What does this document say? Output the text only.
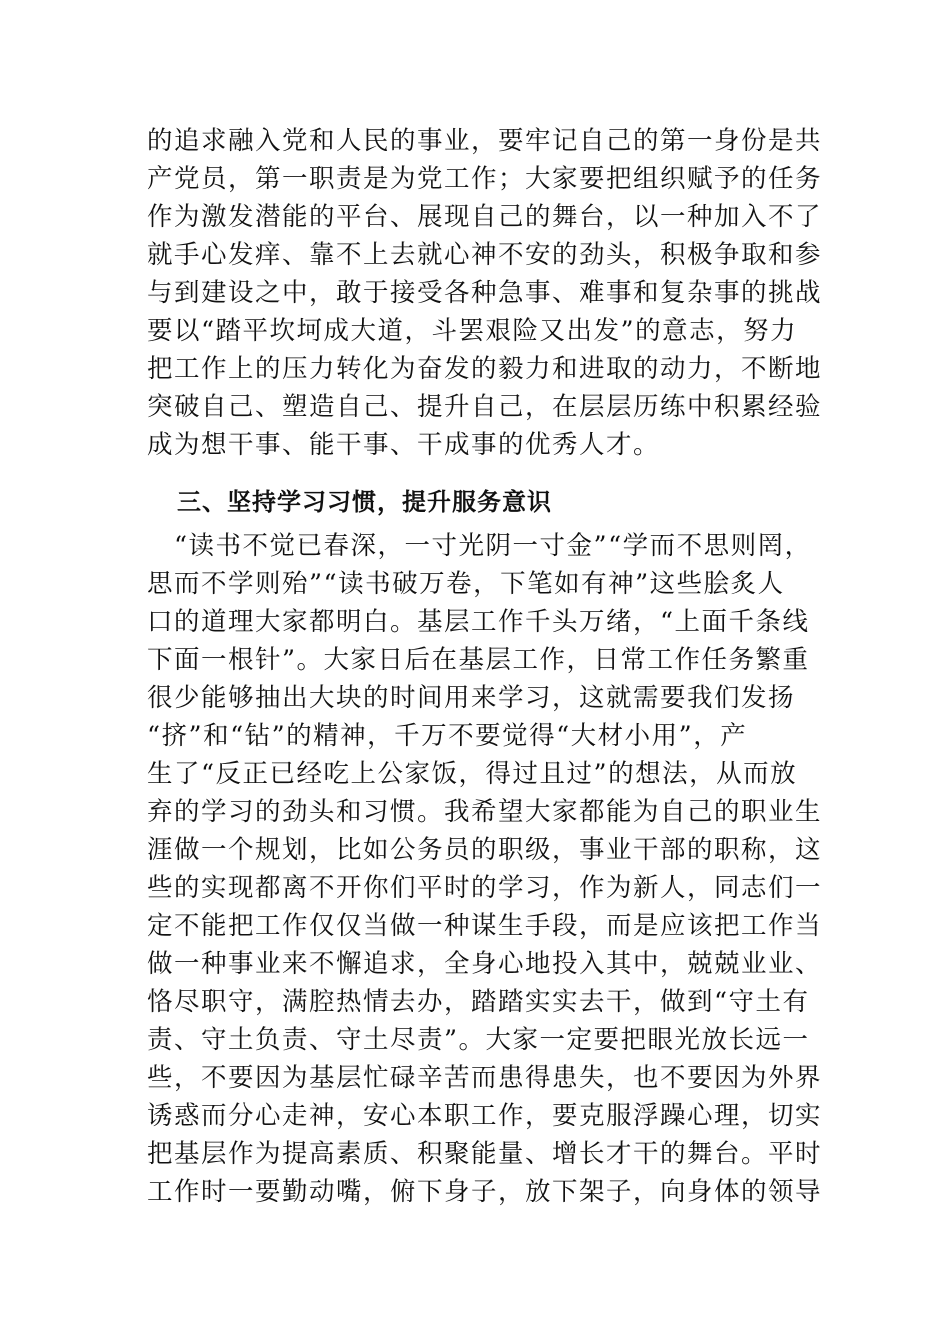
的追求融入党和人民的事业，要牢记自己的第一身份是共
产党员，第一职责是为党工作；大家要把组织赋予的任务
作为激发潜能的平台、展现自己的舞台，以一种加入不了
就手心发痒、靠不上去就心神不安的劲头，积极争取和参
与到建设之中，敢于接受各种急事、难事和复杂事的挑战
要以“踏平坎坷成大道，斗罢艰险又出发”的意志，努力
把工作上的压力转化为奋发的毅力和进取的动力，不断地
突破自己、塑造自己、提升自己，在层层历练中积累经验
成为想干事、能干事、干成事的优秀人才。
三、坚持学习习惯，提升服务意识
　“读书不觉已春深，一寸光阴一寸金”“学而不思则罔，
思而不学则殆”“读书破万卷，下笔如有神”这些脍炙人
口的道理大家都明白。基层工作千头万绪，“上面千条线
下面一根针”。大家日后在基层工作，日常工作任务繁重
很少能够抽出大块的时间用来学习，这就需要我们发扬
“挤”和“钻”的精神，千万不要觉得“大材小用”，产
生了“反正已经吃上公家饭，得过且过”的想法，从而放
弃的学习的劲头和习惯。我希望大家都能为自己的职业生
涯做一个规划，比如公务员的职级，事业干部的职称，这
些的实现都离不开你们平时的学习，作为新人，同志们一
定不能把工作仅仅当做一种谋生手段，而是应该把工作当
做一种事业来不懈追求，全身心地投入其中，兢兢业业、
恪尽职守，满腔热情去办，踏踏实实去干，做到“守土有
责、守土负责、守土尽责”。大家一定要把眼光放长远一
些，不要因为基层忙碌辛苦而患得患失，也不要因为外界
诱惑而分心走神，安心本职工作，要克服浮躁心理，切实
把基层作为提高素质、积聚能量、增长才干的舞台。平时
工作时一要勤动嘴，俯下身子，放下架子，向身体的领导
